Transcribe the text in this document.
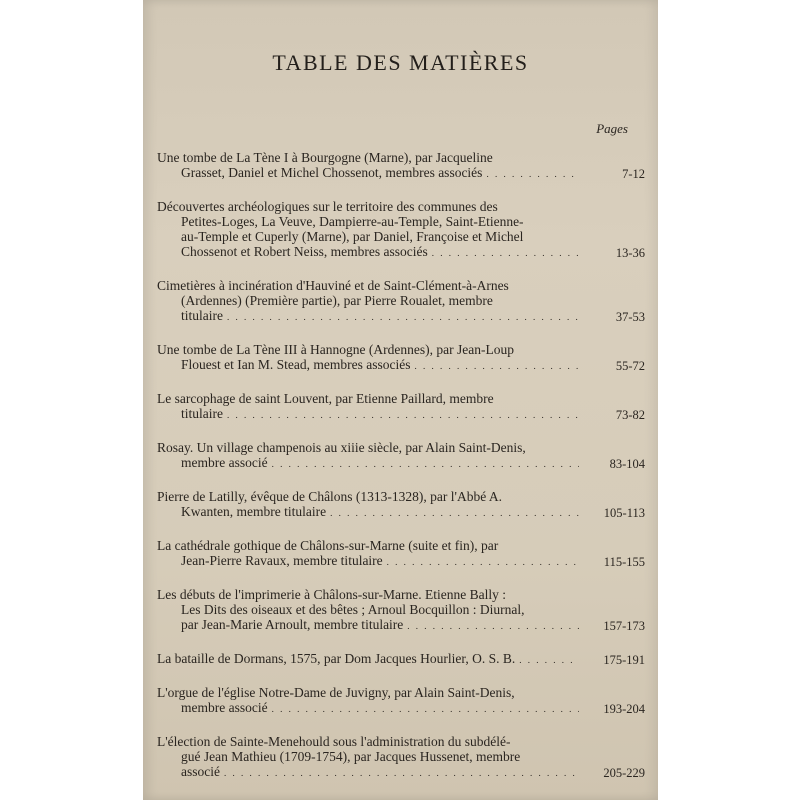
TABLE DES MATIÈRES
Pages
Une tombe de La Tène I à Bourgogne (Marne), par Jacqueline
Grasset, Daniel et Michel Chossenot, membres associés . . .	7-12
Découvertes archéologiques sur le territoire des communes des
Petites-Loges, La Veuve, Dampierre-au-Temple, Saint-Etienne-
au-Temple et Cuperly (Marne), par Daniel, Françoise et Michel
Chossenot et Robert Neiss, membres associés . . .	13-36
Cimetières à incinération d'Hauviné et de Saint-Clément-à-Arnes
(Ardennes) (Première partie), par Pierre Roualet, membre
titulaire . . .	37-53
Une tombe de La Tène III à Hannogne (Ardennes), par Jean-Loup
Flouest et Ian M. Stead, membres associés . . .	55-72
Le sarcophage de saint Louvent, par Etienne Paillard, membre
titulaire . . .	73-82
Rosay. Un village champenois au xiiie siècle, par Alain Saint-Denis,
membre associé . . .	83-104
Pierre de Latilly, évêque de Châlons (1313-1328), par l'Abbé A.
Kwanten, membre titulaire . . .	105-113
La cathédrale gothique de Châlons-sur-Marne (suite et fin), par
Jean-Pierre Ravaux, membre titulaire . . .	115-155
Les débuts de l'imprimerie à Châlons-sur-Marne. Etienne Bally :
Les Dits des oiseaux et des bêtes ; Arnoul Bocquillon : Diurnal,
par Jean-Marie Arnoult, membre titulaire . . .	157-173
La bataille de Dormans, 1575, par Dom Jacques Hourlier, O. S. B. . . .	175-191
L'orgue de l'église Notre-Dame de Juvigny, par Alain Saint-Denis,
membre associé . . .	193-204
L'élection de Sainte-Menehould sous l'administration du subdélé-
gué Jean Mathieu (1709-1754), par Jacques Hussenet, membre
associé . . .	205-229
